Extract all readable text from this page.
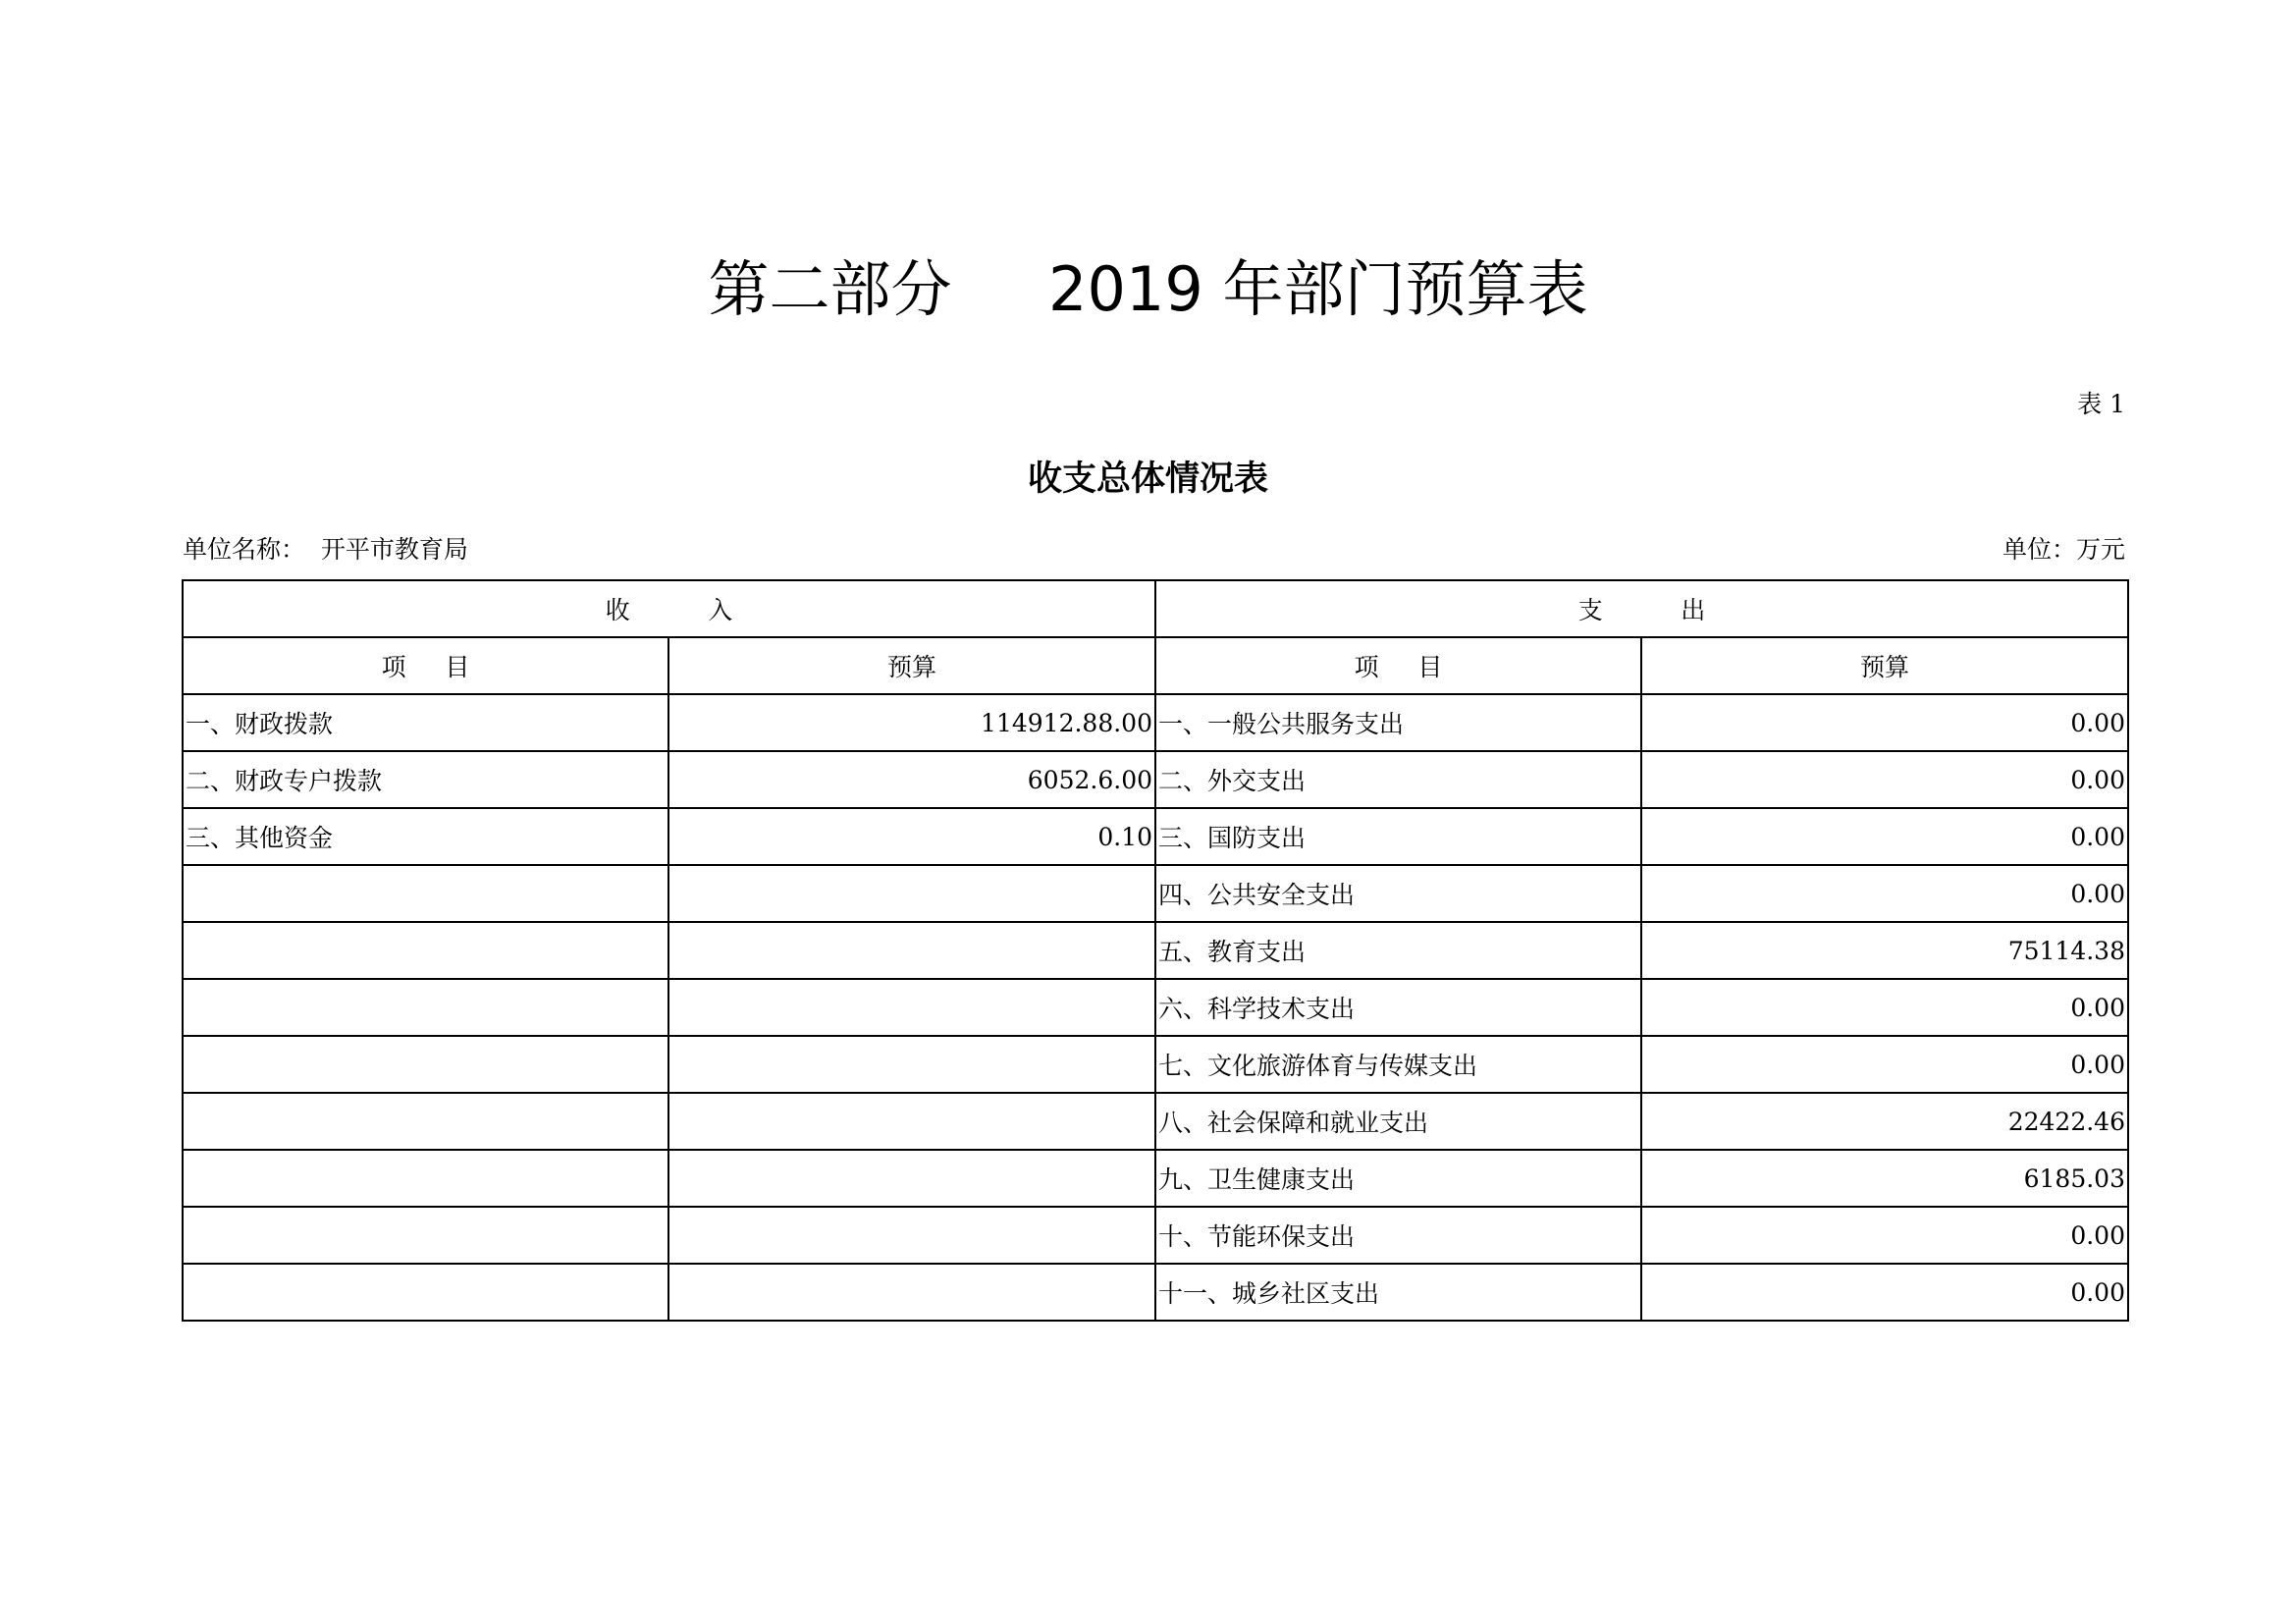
第二部分     2019 年部门预算表
表 1
收支总体情况表
单位名称：  开平市教育局	单位：万元
收          入		支          出	
项     目	预算	项     目	预算
一、财政拨款	114912.88.00	一、一般公共服务支出	0.00
二、财政专户拨款	6052.6.00	二、外交支出	0.00
三、其他资金	0.10	三、国防支出	0.00
		四、公共安全支出	0.00
		五、教育支出	75114.38
		六、科学技术支出	0.00
		七、文化旅游体育与传媒支出	0.00
		八、社会保障和就业支出	22422.46
		九、卫生健康支出	6185.03
		十、节能环保支出	0.00
		十一、城乡社区支出	0.00
